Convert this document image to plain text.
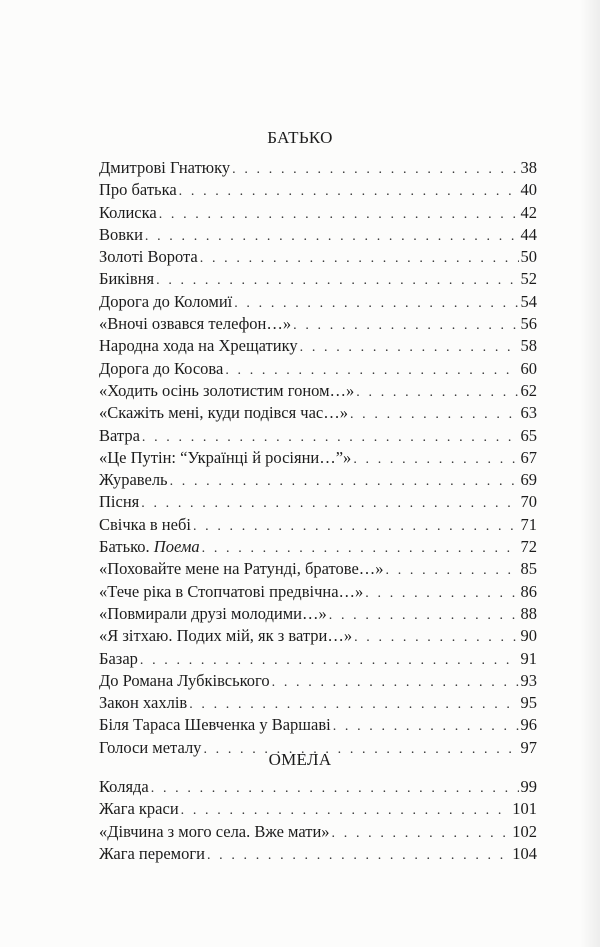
БАТЬКО
Дмитрові Гнатюку . . .	38
Про батька . . .	40
Колиска . . .	42
Вовки . . .	44
Золоті Ворота . . .	50
Биківня . . .	52
Дорога до Коломиї . . .	54
«Вночі озвався телефон…» . . .	56
Народна хода на Хрещатику . . .	58
Дорога до Косова . . .	60
«Ходить осінь золотистим гоном…» . . .	62
«Скажіть мені, куди подівся час…» . . .	63
Ватра . . .	65
«Це Путін: “Українці й росіяни…”» . . .	67
Журавель . . .	69
Пісня . . .	70
Свічка в небі . . .	71
Батько. Поема . . .	72
«Поховайте мене на Ратунді, братове…» . . .	85
«Тече ріка в Стопчатові предвічна…» . . .	86
«Повмирали друзі молодими…» . . .	88
«Я зітхаю. Подих мій, як з ватри…» . . .	90
Базар . . .	91
До Романа Лубківського . . .	93
Закон хахлів . . .	95
Біля Тараса Шевченка у Варшаві . . .	96
Голоси металу . . .	97
ОМЕЛА
Коляда . . .	99
Жага краси . . .	101
«Дівчина з мого села. Вже мати» . . .	102
Жага перемоги . . .	104
